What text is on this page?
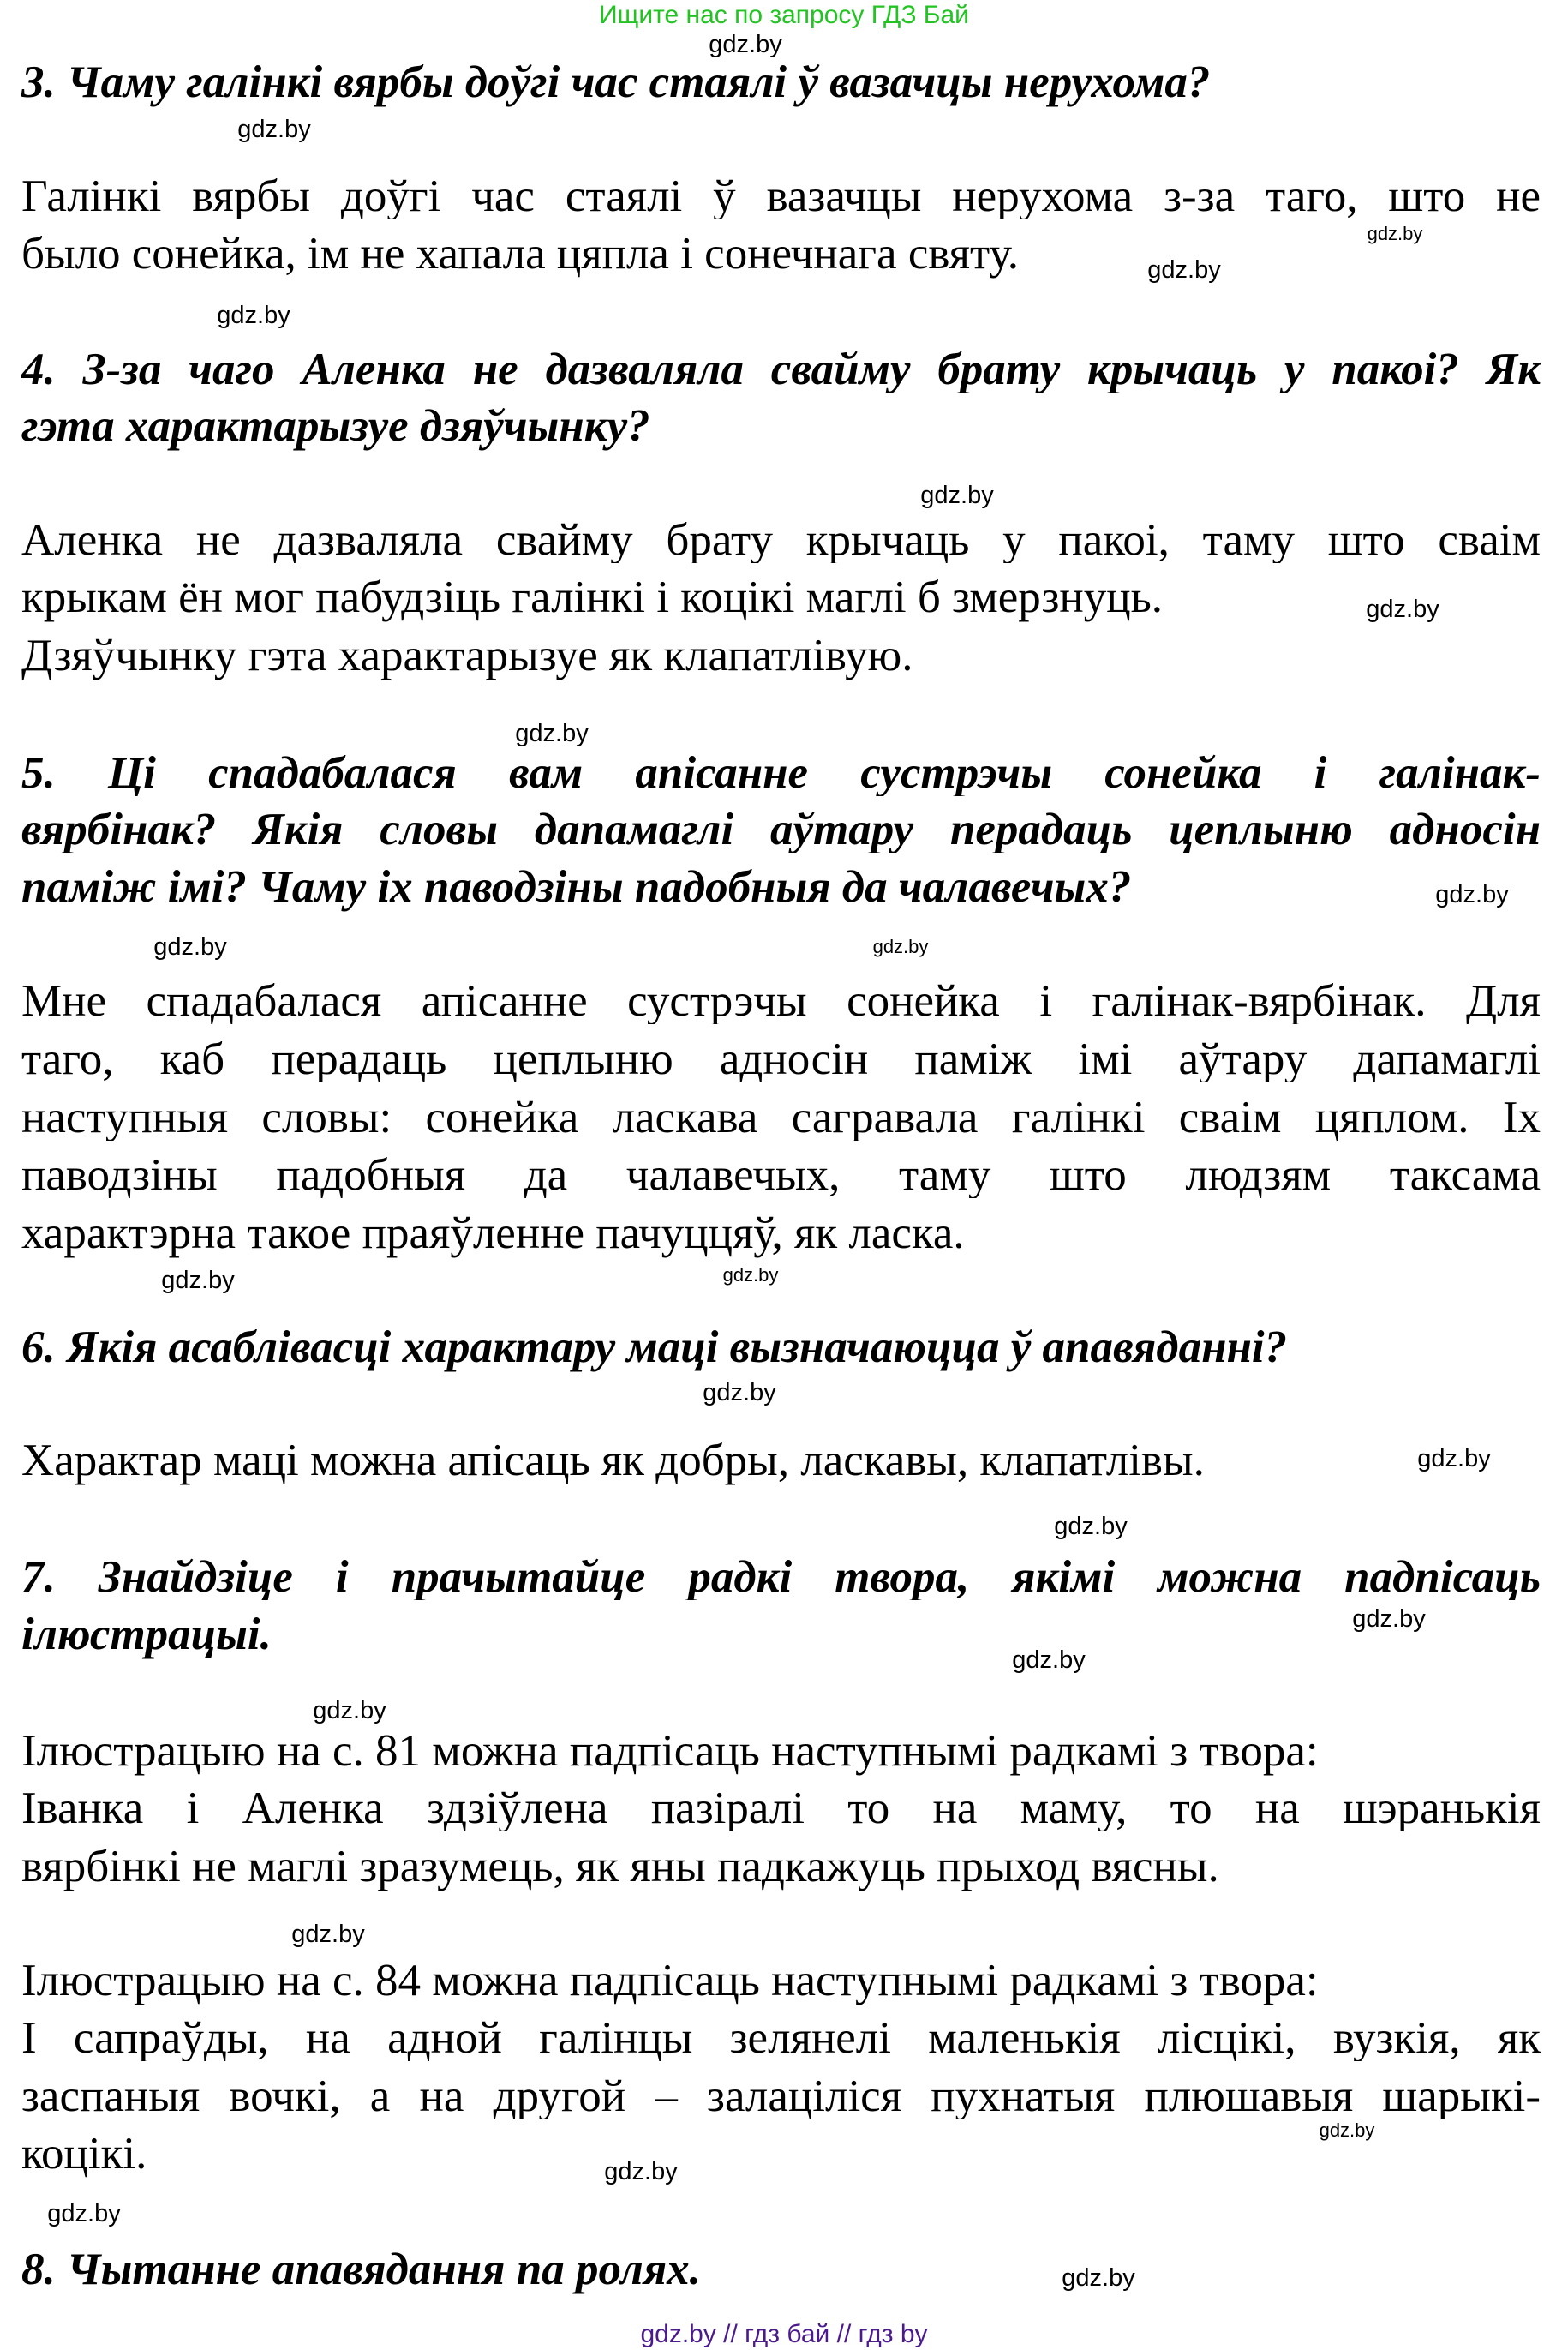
Ищите нас по запросу ГДЗ Бай
3. Чаму галінкі вярбы доўгі час стаялі ў вазачцы нерухома?
Галінкі вярбы доўгі час стаялі ў вазачцы нерухома з-за таго, што не
было сонейка, ім не хапала цяпла і сонечнага святу.
4. З-за чаго Аленка не дазваляла свайму брату крычаць у пакоі? Як
гэта характарызуе дзяўчынку?
Аленка не дазваляла свайму брату крычаць у пакоі, таму што сваім
крыкам ён мог пабудзіць галінкі і коцікі маглі б змерзнуць.
Дзяўчынку гэта характарызуе як клапатлівую.
5. Ці спадабалася вам апісанне сустрэчы сонейка і галінак-
вярбінак? Якія словы дапамаглі аўтару перадаць цеплыню адносін
паміж імі? Чаму іх паводзіны падобныя да чалавечых?
Мне спадабалася апісанне сустрэчы сонейка і галінак-вярбінак. Для
таго, каб перадаць цеплыню адносін паміж імі аўтару дапамаглі
наступныя словы: сонейка ласкава сагравала галінкі сваім цяплом. Іх
паводзіны падобныя да чалавечых, таму што людзям таксама
характэрна такое праяўленне пачуццяў, як ласка.
6. Якія асаблівасці характару маці вызначаюцца ў апавяданні?
Характар маці можна апісаць як добры, ласкавы, клапатлівы.
7. Знайдзіце і прачытайце радкі твора, якімі можна падпісаць
ілюстрацыі.
Ілюстрацыю на с. 81 можна падпісаць наступнымі радкамі з твора:
Іванка і Аленка здзіўлена пазіралі то на маму, то на шэранькія
вярбінкі не маглі зразумець, як яны падкажуць прыход вясны.
Ілюстрацыю на с. 84 можна падпісаць наступнымі радкамі з твора:
І сапраўды, на адной галінцы зелянелі маленькія лісцікі, вузкія, як
заспаныя вочкі, а на другой – залаціліся пухнатыя плюшавыя шарыкі-
коцікі.
8. Чытанне апавядання па ролях.
gdz.by
gdz.by
gdz.by
gdz.by
gdz.by
gdz.by
gdz.by
gdz.by
gdz.by
gdz.by
gdz.by
gdz.by
gdz.by
gdz.by
gdz.by
gdz.by
gdz.by
gdz.by
gdz.by
gdz.by
gdz.by
gdz.by
gdz.by
gdz.by
gdz.by // гдз бай // гдз by
